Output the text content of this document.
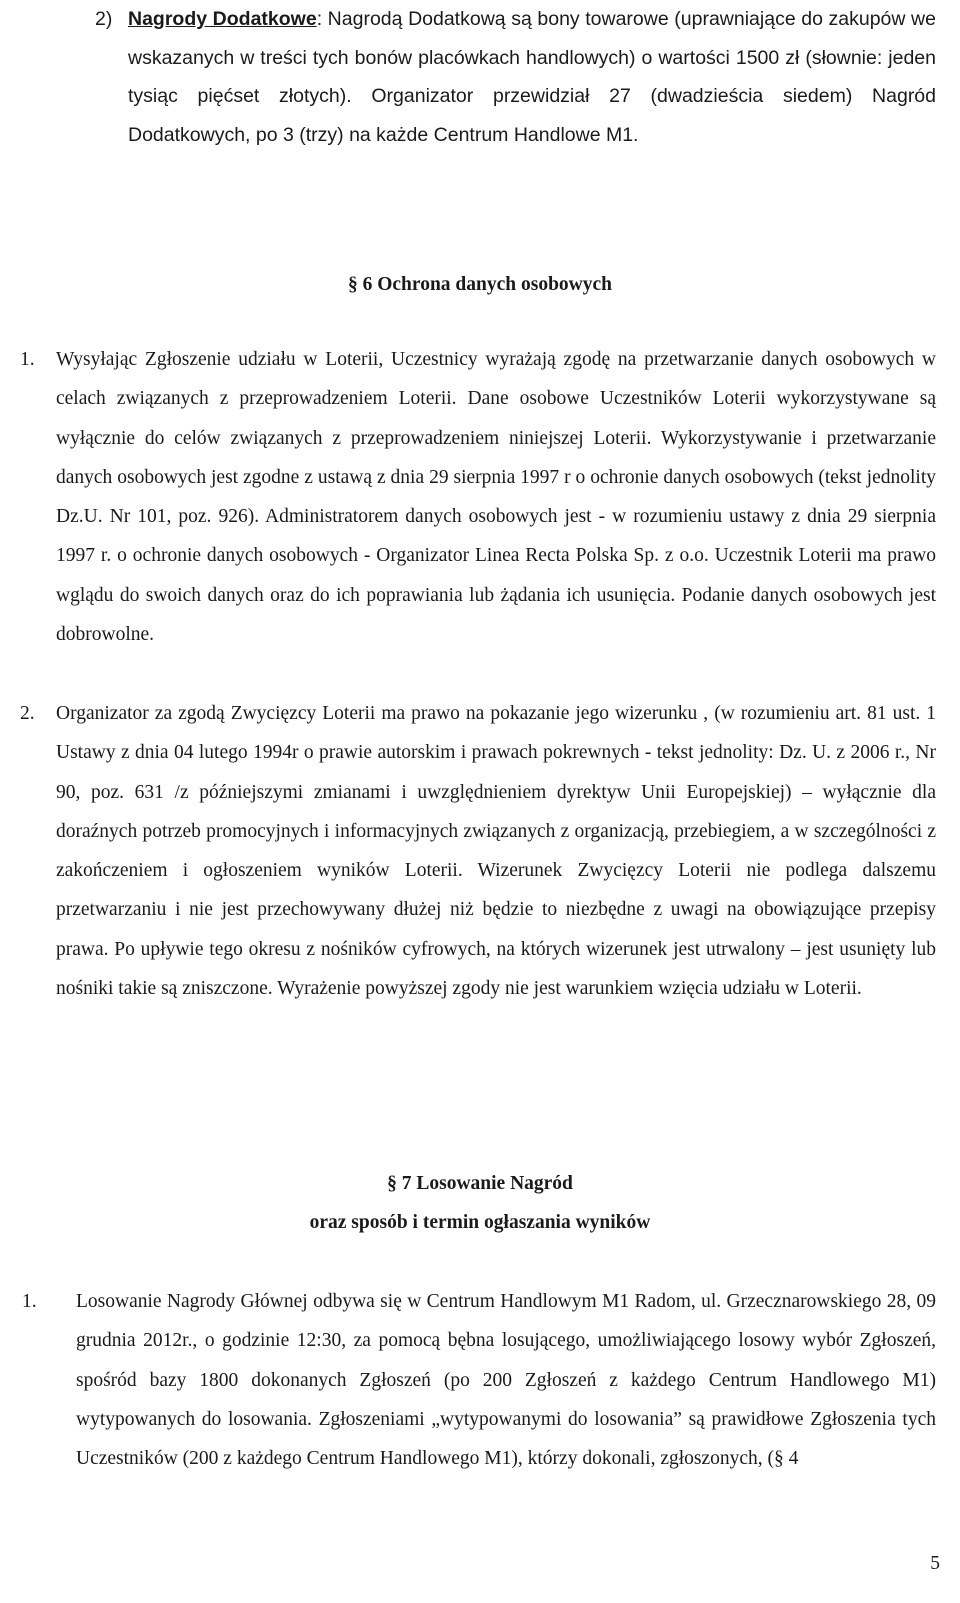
2) Nagrody Dodatkowe: Nagrodą Dodatkową są bony towarowe (uprawniające do zakupów we wskazanych w treści tych bonów placówkach handlowych) o wartości 1500 zł (słownie: jeden tysiąc pięćset złotych). Organizator przewidział 27 (dwadzieścia siedem) Nagród Dodatkowych, po 3 (trzy) na każde Centrum Handlowe M1.

§ 6 Ochrona danych osobowych
1. Wysyłając Zgłoszenie udziału w Loterii, Uczestnicy wyrażają zgodę na przetwarzanie danych osobowych w celach związanych z przeprowadzeniem Loterii. Dane osobowe Uczestników Loterii wykorzystywane są wyłącznie do celów związanych z przeprowadzeniem niniejszej Loterii. Wykorzystywanie i przetwarzanie danych osobowych jest zgodne z ustawą z dnia 29 sierpnia 1997 r o ochronie danych osobowych (tekst jednolity Dz.U. Nr 101, poz. 926). Administratorem danych osobowych jest - w rozumieniu ustawy z dnia 29 sierpnia 1997 r. o ochronie danych osobowych - Organizator Linea Recta Polska Sp. z o.o. Uczestnik Loterii ma prawo wglądu do swoich danych oraz do ich poprawiania lub żądania ich usunięcia. Podanie danych osobowych jest dobrowolne.

2. Organizator za zgodą Zwycięzcy Loterii ma prawo na pokazanie jego wizerunku , (w rozumieniu art. 81 ust. 1 Ustawy z dnia 04 lutego 1994r o prawie autorskim i prawach pokrewnych - tekst jednolity: Dz. U. z 2006 r., Nr 90, poz. 631 /z późniejszymi zmianami i uwzględnieniem dyrektyw Unii Europejskiej) – wyłącznie dla doraźnych potrzeb promocyjnych i informacyjnych związanych z organizacją, przebiegiem, a w szczególności z zakończeniem i ogłoszeniem wyników Loterii. Wizerunek Zwycięzcy Loterii nie podlega dalszemu przetwarzaniu i nie jest przechowywany dłużej niż będzie to niezbędne z uwagi na obowiązujące przepisy prawa. Po upływie tego okresu z nośników cyfrowych, na których wizerunek jest utrwalony – jest usunięty lub nośniki takie są zniszczone. Wyrażenie powyższej zgody nie jest warunkiem wzięcia udziału w Loterii.

§ 7 Losowanie Nagród
oraz sposób i termin ogłaszania wyników
1. Losowanie Nagrody Głównej odbywa się w Centrum Handlowym M1 Radom, ul. Grzecznarowskiego 28, 09 grudnia 2012r., o godzinie 12:30, za pomocą bębna losującego, umożliwiającego losowy wybór Zgłoszeń, spośród bazy 1800 dokonanych Zgłoszeń (po 200 Zgłoszeń z każdego Centrum Handlowego M1) wytypowanych do losowania. Zgłoszeniami „wytypowanymi do losowania” są prawidłowe Zgłoszenia tych Uczestników (200 z każdego Centrum Handlowego M1), którzy dokonali, zgłoszonych, (§ 4

5
